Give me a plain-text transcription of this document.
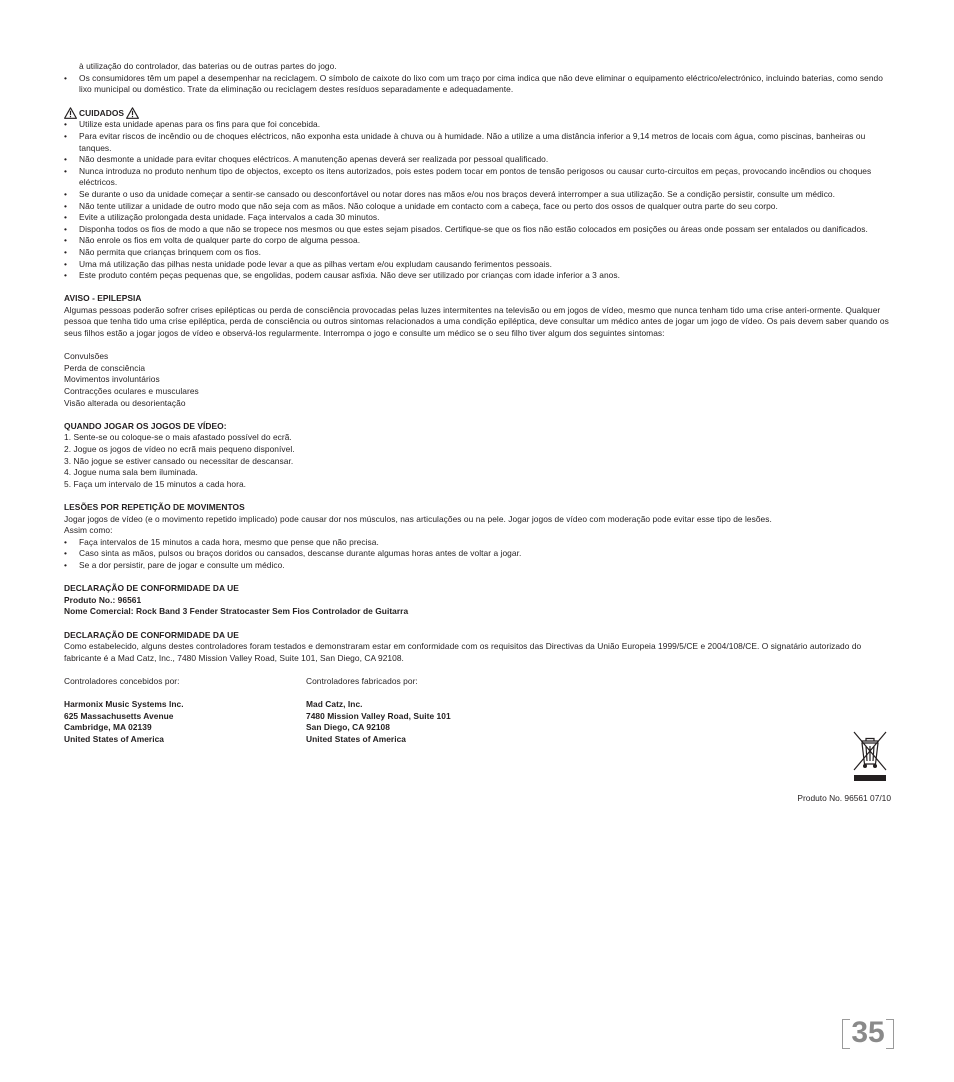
à utilização do controlador, das baterias ou de outras partes do jogo.

• Os consumidores têm um papel a desempenhar na reciclagem. O símbolo de caixote do lixo com um traço por cima indica que não deve eliminar o equipamento eléctrico/electrónico, incluindo baterias, como sendo lixo municipal ou doméstico. Trate da eliminação ou reciclagem destes resíduos separadamente e adequadamente.
CUIDADOS
• Utilize esta unidade apenas para os fins para que foi concebida.
• Para evitar riscos de incêndio ou de choques eléctricos, não exponha esta unidade à chuva ou à humidade. Não a utilize a uma distância inferior a 9,14 metros de locais com água, como piscinas, banheiras ou tanques.
• Não desmonte a unidade para evitar choques eléctricos. A manutenção apenas deverá ser realizada por pessoal qualificado.
• Nunca introduza no produto nenhum tipo de objectos, excepto os itens autorizados, pois estes podem tocar em pontos de tensão perigosos ou causar curto-circuitos em peças, provocando incêndios ou choques eléctricos.
• Se durante o uso da unidade começar a sentir-se cansado ou desconfortável ou notar dores nas mãos e/ou nos braços deverá interromper a sua utilização. Se a condição persistir, consulte um médico.
• Não tente utilizar a unidade de outro modo que não seja com as mãos. Não coloque a unidade em contacto com a cabeça, face ou perto dos ossos de qualquer outra parte do seu corpo.
• Evite a utilização prolongada desta unidade. Faça intervalos a cada 30 minutos.
• Disponha todos os fios de modo a que não se tropece nos mesmos ou que estes sejam pisados. Certifique-se que os fios não estão colocados em posições ou áreas onde possam ser entalados ou danificados.
• Não enrole os fios em volta de qualquer parte do corpo de alguma pessoa.
• Não permita que crianças brinquem com os fios.
• Uma má utilização das pilhas nesta unidade pode levar a que as pilhas vertam e/ou expludam causando ferimentos pessoais.
• Este produto contém peças pequenas que, se engolidas, podem causar asfixia. Não deve ser utilizado por crianças com idade inferior a 3 anos.

AVISO - EPILEPSIA

Algumas pessoas poderão sofrer crises epilépticas ou perda de consciência provocadas pelas luzes intermitentes na televisão ou em jogos de vídeo, mesmo que nunca tenham tido uma crise anteri-ormente. Qualquer pessoa que tenha tido uma crise epiléptica, perda de consciência ou outros sintomas relacionados a uma condição epiléptica, deve consultar um médico antes de jogar um jogo de vídeo. Os pais devem saber quando os seus filhos estão a jogar jogos de vídeo e observá-los regularmente. Interrompa o jogo e consulte um médico se o seu filho tiver algum dos seguintes sintomas:

Convulsões

Perda de consciência

Movimentos involuntários

Contracções oculares e musculares

Visão alterada ou desorientação

QUANDO JOGAR OS JOGOS DE VÍDEO:

1. Sente-se ou coloque-se o mais afastado possível do ecrã.

2. Jogue os jogos de vídeo no ecrã mais pequeno disponível.

3. Não jogue se estiver cansado ou necessitar de descansar.

4. Jogue numa sala bem iluminada.

5. Faça um intervalo de 15 minutos a cada hora.

LESÕES POR REPETIÇÃO DE MOVIMENTOS

Jogar jogos de vídeo (e o movimento repetido implicado) pode causar dor nos músculos, nas articulações ou na pele. Jogar jogos de vídeo com moderação pode evitar esse tipo de lesões.

Assim como:

• Faça intervalos de 15 minutos a cada hora, mesmo que pense que não precisa.
• Caso sinta as mãos, pulsos ou braços doridos ou cansados, descanse durante algumas horas antes de voltar a jogar.
• Se a dor persistir, pare de jogar e consulte um médico.

DECLARAÇÃO DE CONFORMIDADE DA UE

Produto No.: 96561

Nome Comercial: Rock Band 3 Fender Stratocaster Sem Fios Controlador de Guitarra

DECLARAÇÃO DE CONFORMIDADE DA UE

Como estabelecido, alguns destes controladores foram testados e demonstraram estar em conformidade com os requisitos das Directivas da União Europeia 1999/5/CE e 2004/108/CE. O signatário autorizado do fabricante é a Mad Catz, Inc., 7480 Mission Valley Road, Suite 101, San Diego, CA 92108.

Controladores concebidos por:

Harmonix Music Systems Inc.

625 Massachusetts Avenue

Cambridge, MA 02139

United States of America

Controladores fabricados por:

Mad Catz, Inc.

7480 Mission Valley Road, Suite 101

San Diego, CA 92108

United States of America

Produto No. 96561 07/10
35
